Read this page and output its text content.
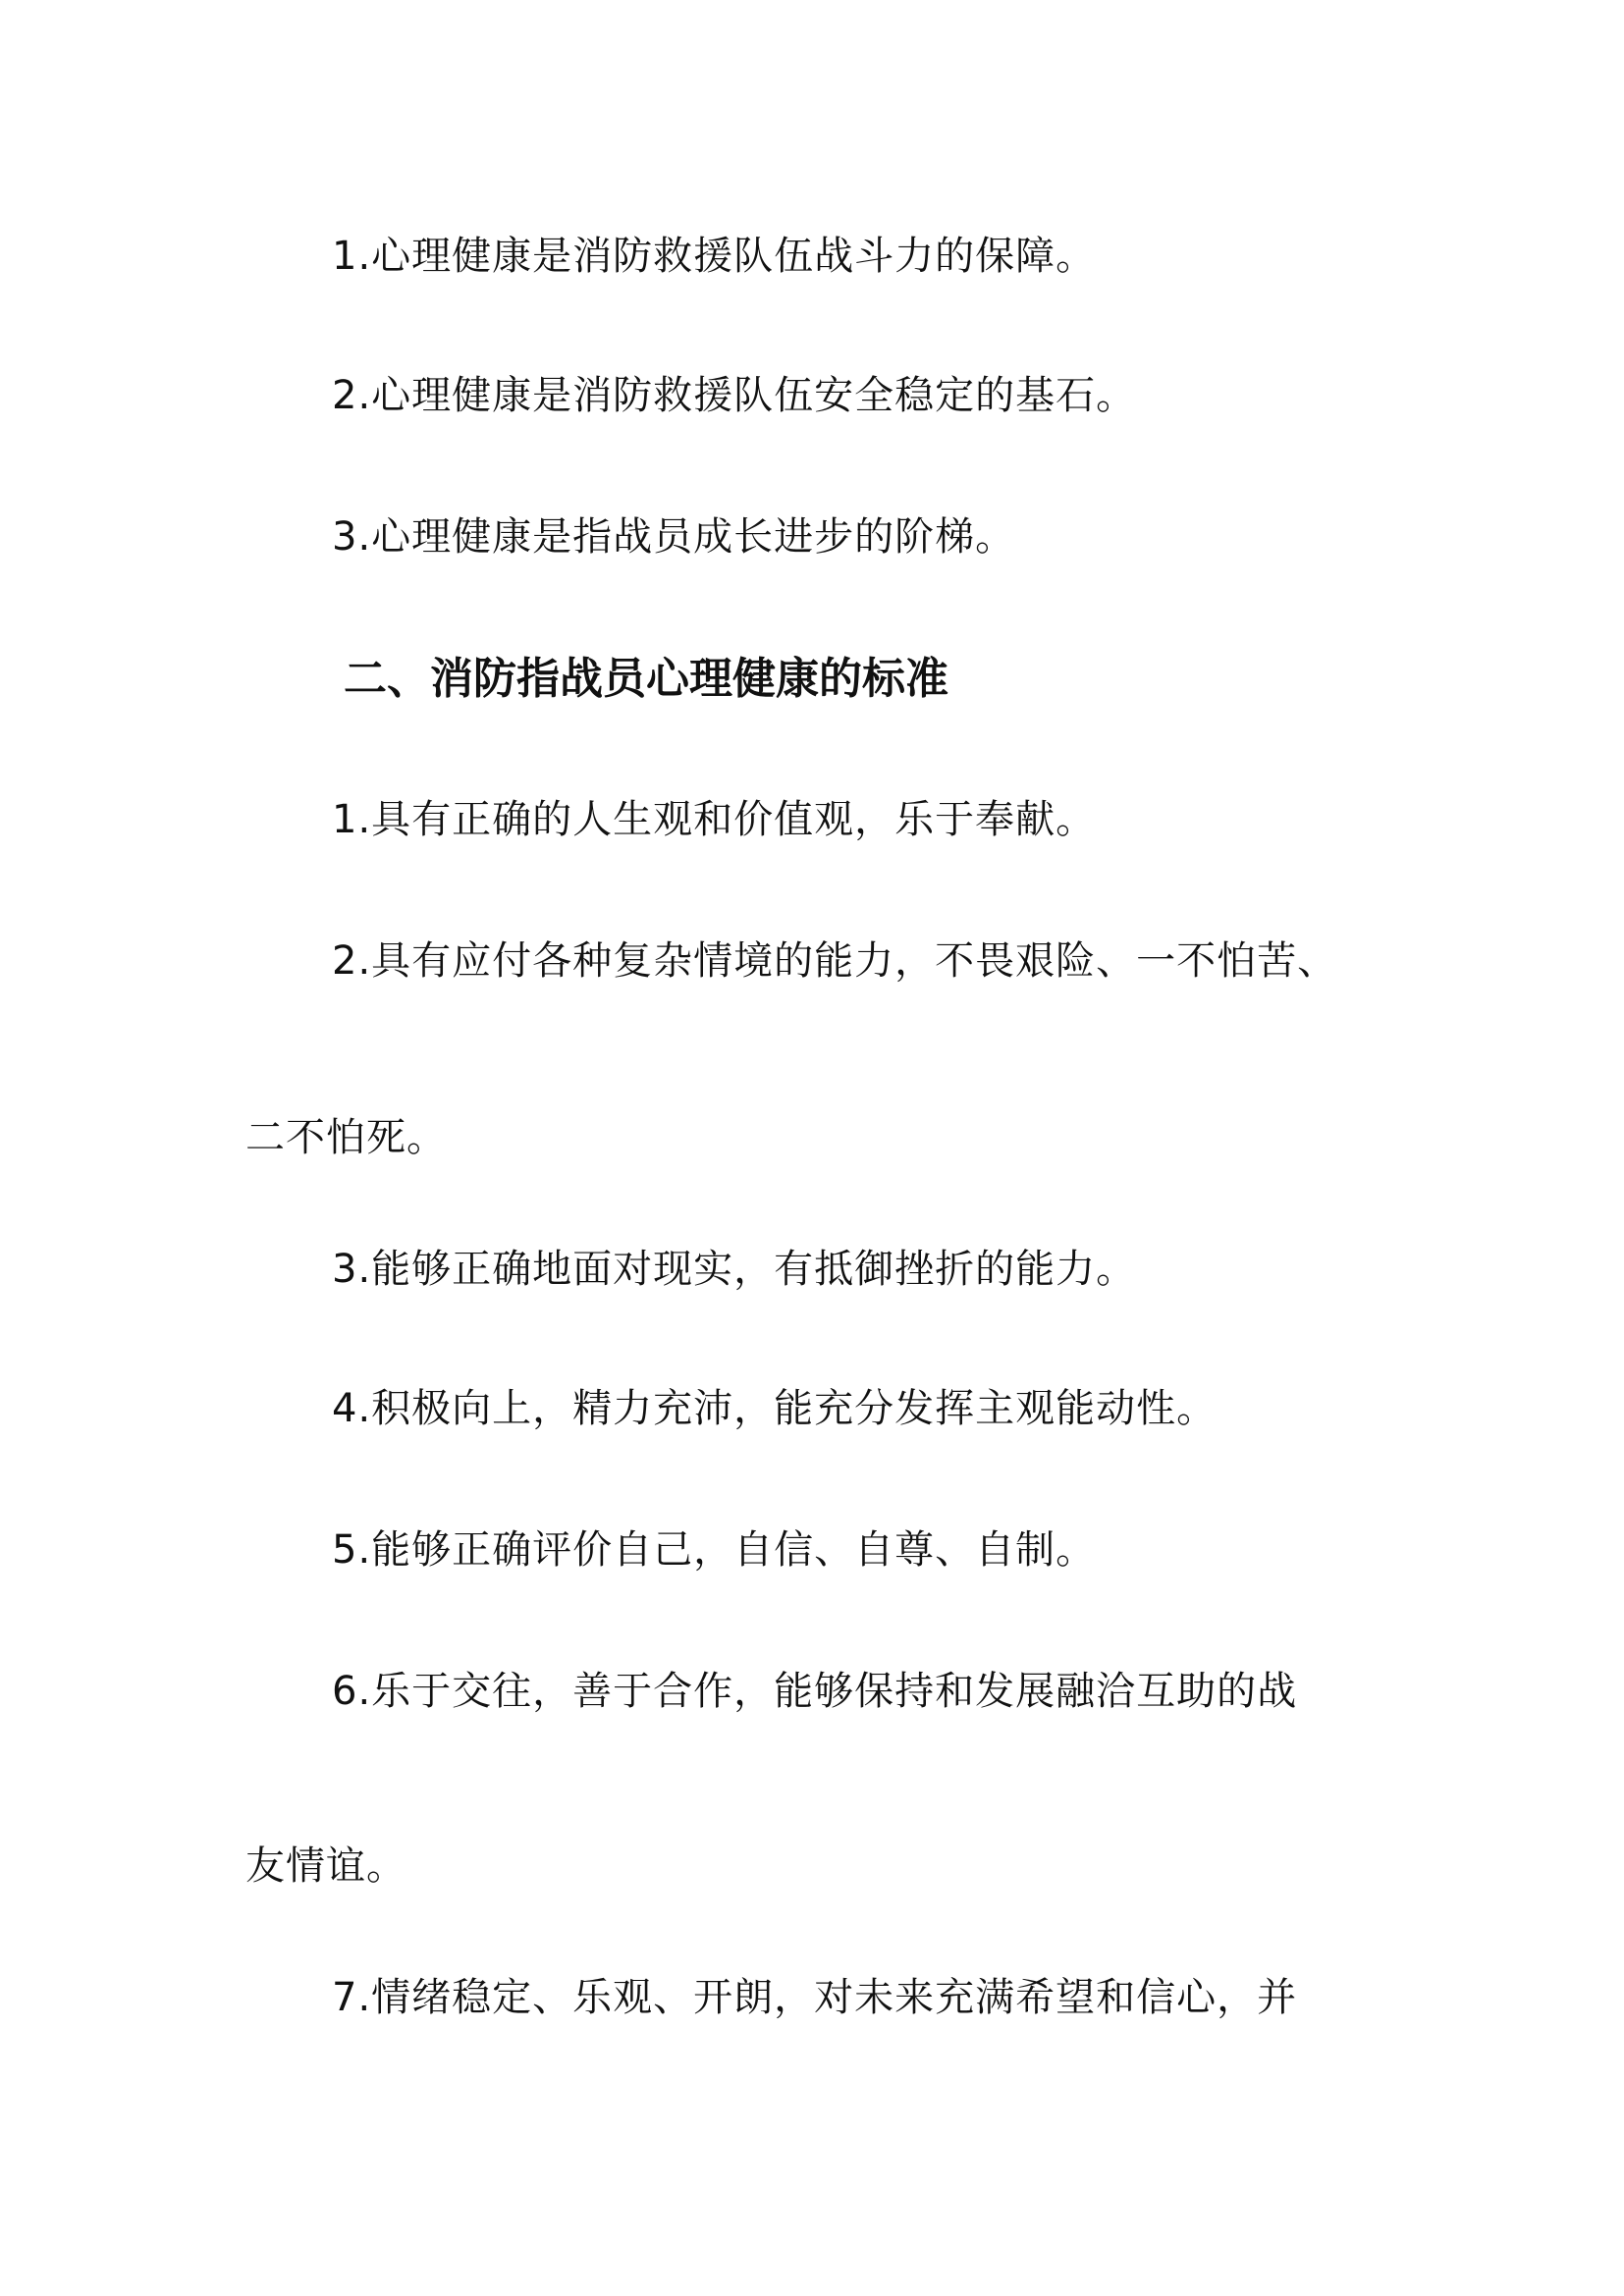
1.心理健康是消防救援队伍战斗力的保障。
2.心理健康是消防救援队伍安全稳定的基石。
3.心理健康是指战员成长进步的阶梯。
二、消防指战员心理健康的标准
1.具有正确的人生观和价值观，乐于奉献。
2.具有应付各种复杂情境的能力，不畏艰险、一不怕苦、
二不怕死。
3.能够正确地面对现实，有抵御挫折的能力。
4.积极向上，精力充沛，能充分发挥主观能动性。
5.能够正确评价自己，自信、自尊、自制。
6.乐于交往，善于合作，能够保持和发展融洽互助的战
友情谊。
7.情绪稳定、乐观、开朗，对未来充满希望和信心，并
